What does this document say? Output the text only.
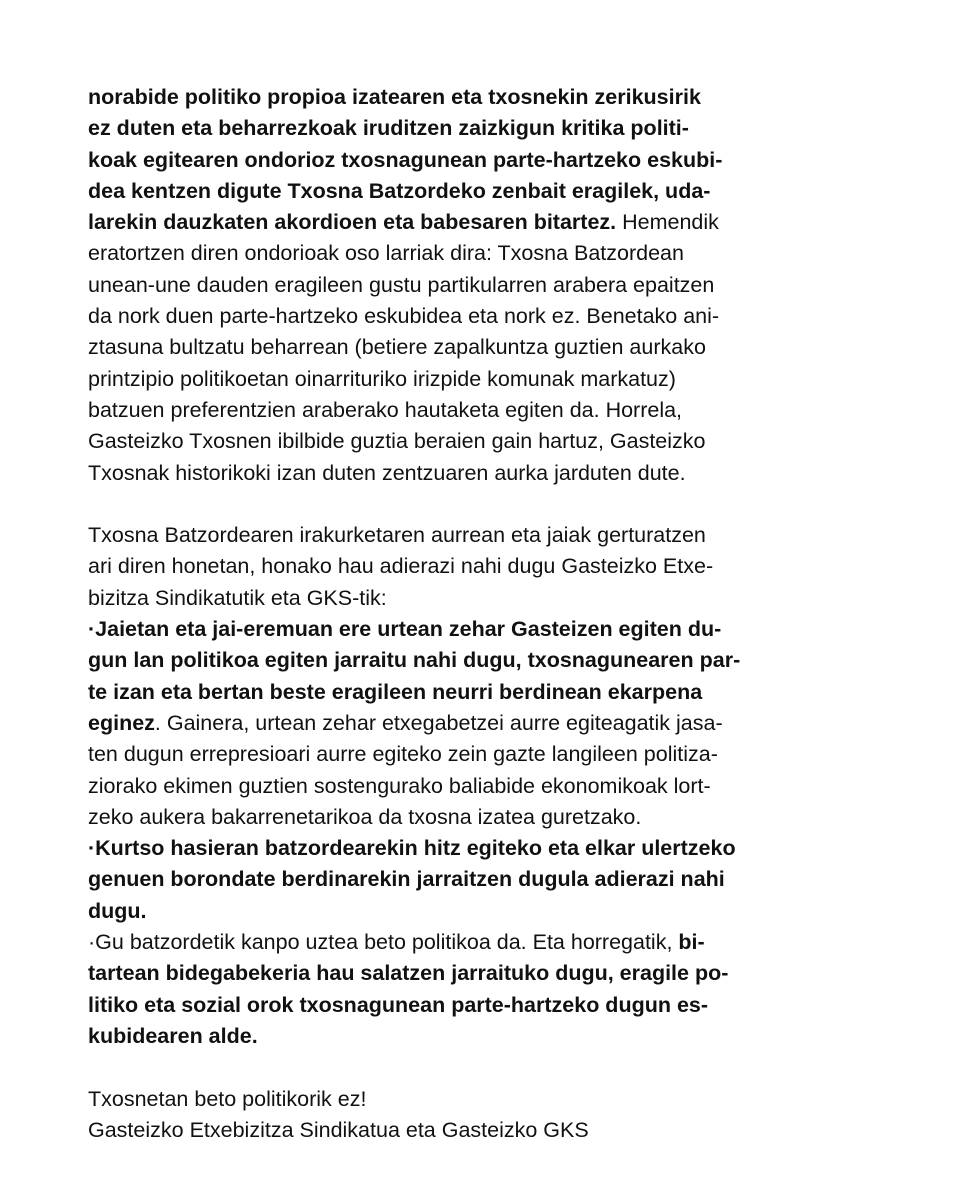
norabide politiko propioa izatearen eta txosnekin zerikusirik
ez duten eta beharrezkoak iruditzen zaizkigun kritika politi-
koak egitearen ondorioz txosnagunean parte-hartzeko eskubi-
dea kentzen digute Txosna Batzordeko zenbait eragilek, uda-
larekin dauzkaten akordioen eta babesaren bitartez. Hemendik
eratortzen diren ondorioak oso larriak dira: Txosna Batzordean
unean-une dauden eragileen gustu partikularren arabera epaitzen
da nork duen parte-hartzeko eskubidea eta nork ez. Benetako ani-
ztasuna bultzatu beharrean (betiere zapalkuntza guztien aurkako
printzipio politikoetan oinarrituriko irizpide komunak markatuz)
batzuen preferentzien araberako hautaketa egiten da. Horrela,
Gasteizko Txosnen ibilbide guztia beraien gain hartuz, Gasteizko
Txosnak historikoki izan duten zentzuaren aurka jarduten dute.
Txosna Batzordearen irakurketaren aurrean eta jaiak gerturatzen
ari diren honetan, honako hau adierazi nahi dugu Gasteizko Etxe-
bizitza Sindikatutik eta GKS-tik:
·Jaietan eta jai-eremuan ere urtean zehar Gasteizen egiten du-
gun lan politikoa egiten jarraitu nahi dugu, txosnagunearen par-
te izan eta bertan beste eragileen neurri berdinean ekarpena
eginez. Gainera, urtean zehar etxegabetzei aurre egiteagatik jasa-
ten dugun errepresioari aurre egiteko zein gazte langileen politiza-
ziorako ekimen guztien sostengurako baliabide ekonomikoak lort-
zeko aukera bakarrenetarikoa da txosna izatea guretzako.
·Kurtso hasieran batzordearekin hitz egiteko eta elkar ulertzeko
genuen borondate berdinarekin jarraitzen dugula adierazi nahi
dugu.
·Gu batzordetik kanpo uztea beto politikoa da. Eta horregatik, bi-
tartean bidegabekeria hau salatzen jarraituko dugu, eragile po-
litiko eta sozial orok txosnagunean parte-hartzeko dugun es-
kubidearen alde.
Txosnetan beto politikorik ez!
Gasteizko Etxebizitza Sindikatua eta Gasteizko GKS
